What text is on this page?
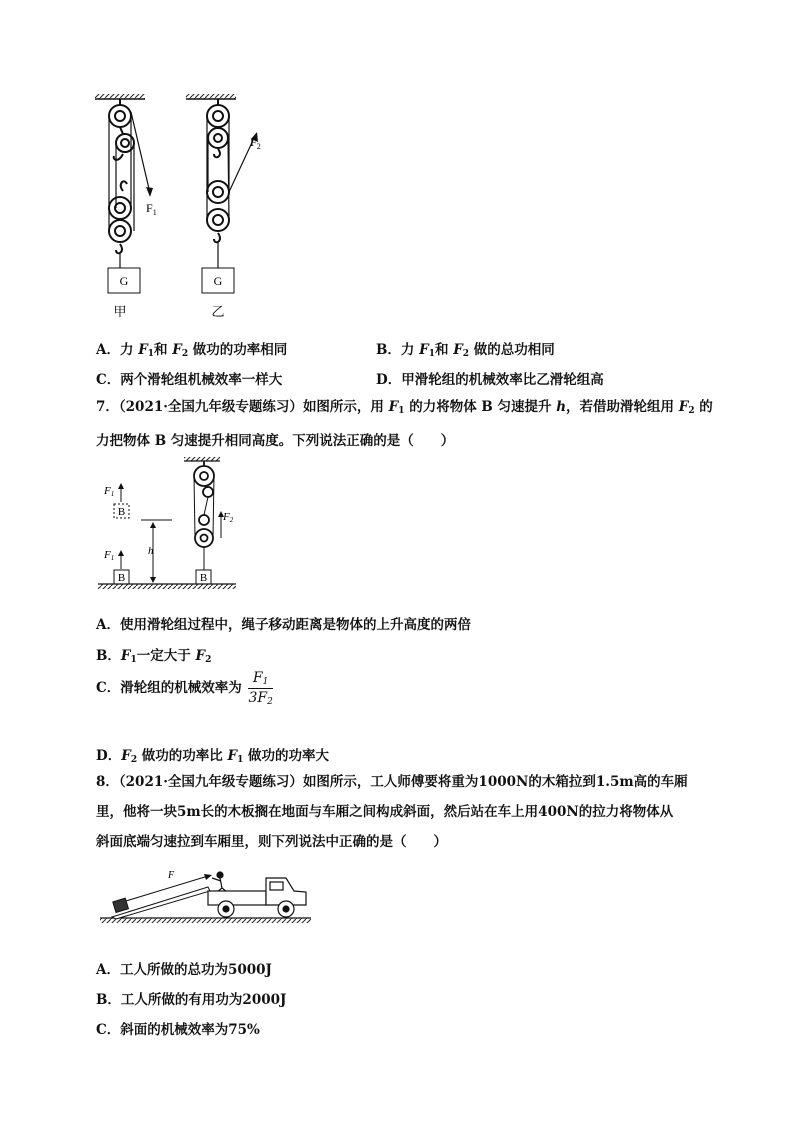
$F_1$
G
甲
$F_2$
G
乙
A．力 $F_1$和 $F_2$ 做功的功率相同	B．力 $F_1$和 $F_2$ 做的总功相同
C．两个滑轮组机械效率一样大	D．甲滑轮组的机械效率比乙滑轮组高
7．（2021·全国九年级专题练习）如图所示，用 $F_1$ 的力将物体 B 匀速提升 h，若借助滑轮组用 $F_2$ 的
力把物体 B 匀速提升相同高度。下列说法正确的是（　　）
F1
B
h
F1
B
F2
B
A．使用滑轮组过程中，绳子移动距离是物体的上升高度的两倍
B．$F_1$一定大于 $F_2$
C．滑轮组的机械效率为 $\frac{F_1}{3F_2}$
D．$F_2$ 做功的功率比 $F_1$ 做功的功率大
8．（2021·全国九年级专题练习）如图所示，工人师傅要将重为1000N的木箱拉到1.5m高的车厢
里，他将一块5m长的木板搁在地面与车厢之间构成斜面，然后站在车上用400N的拉力将物体从
斜面底端匀速拉到车厢里，则下列说法中正确的是（　　）
F
A．工人所做的总功为5000J
B．工人所做的有用功为2000J
C．斜面的机械效率为75%
